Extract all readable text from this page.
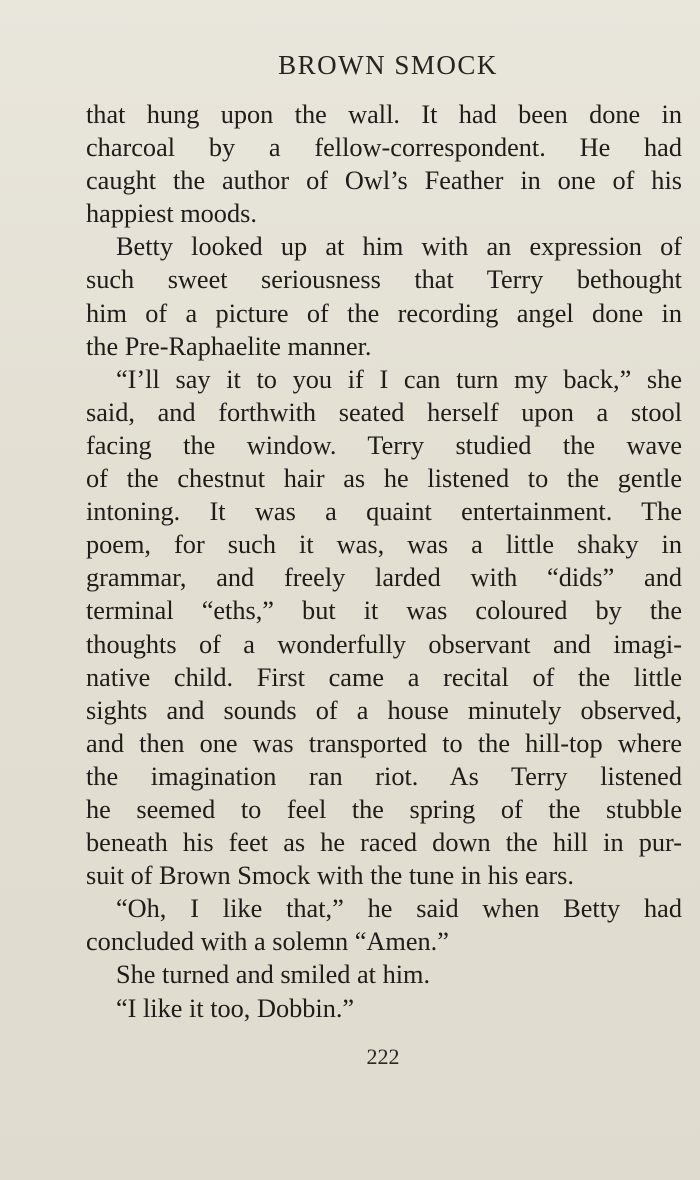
BROWN SMOCK
that hung upon the wall. It had been done in
charcoal by a fellow-correspondent. He had
caught the author of Owl’s Feather in one of his
happiest moods.
Betty looked up at him with an expression of
such sweet seriousness that Terry bethought
him of a picture of the recording angel done in
the Pre-Raphaelite manner.
“I’ll say it to you if I can turn my back,” she
said, and forthwith seated herself upon a stool
facing the window. Terry studied the wave
of the chestnut hair as he listened to the gentle
intoning. It was a quaint entertainment. The
poem, for such it was, was a little shaky in
grammar, and freely larded with “dids” and
terminal “eths,” but it was coloured by the
thoughts of a wonderfully observant and imagi-
native child. First came a recital of the little
sights and sounds of a house minutely observed,
and then one was transported to the hill-top where
the imagination ran riot. As Terry listened
he seemed to feel the spring of the stubble
beneath his feet as he raced down the hill in pur-
suit of Brown Smock with the tune in his ears.
“Oh, I like that,” he said when Betty had
concluded with a solemn “Amen.”
She turned and smiled at him.
“I like it too, Dobbin.”
222
